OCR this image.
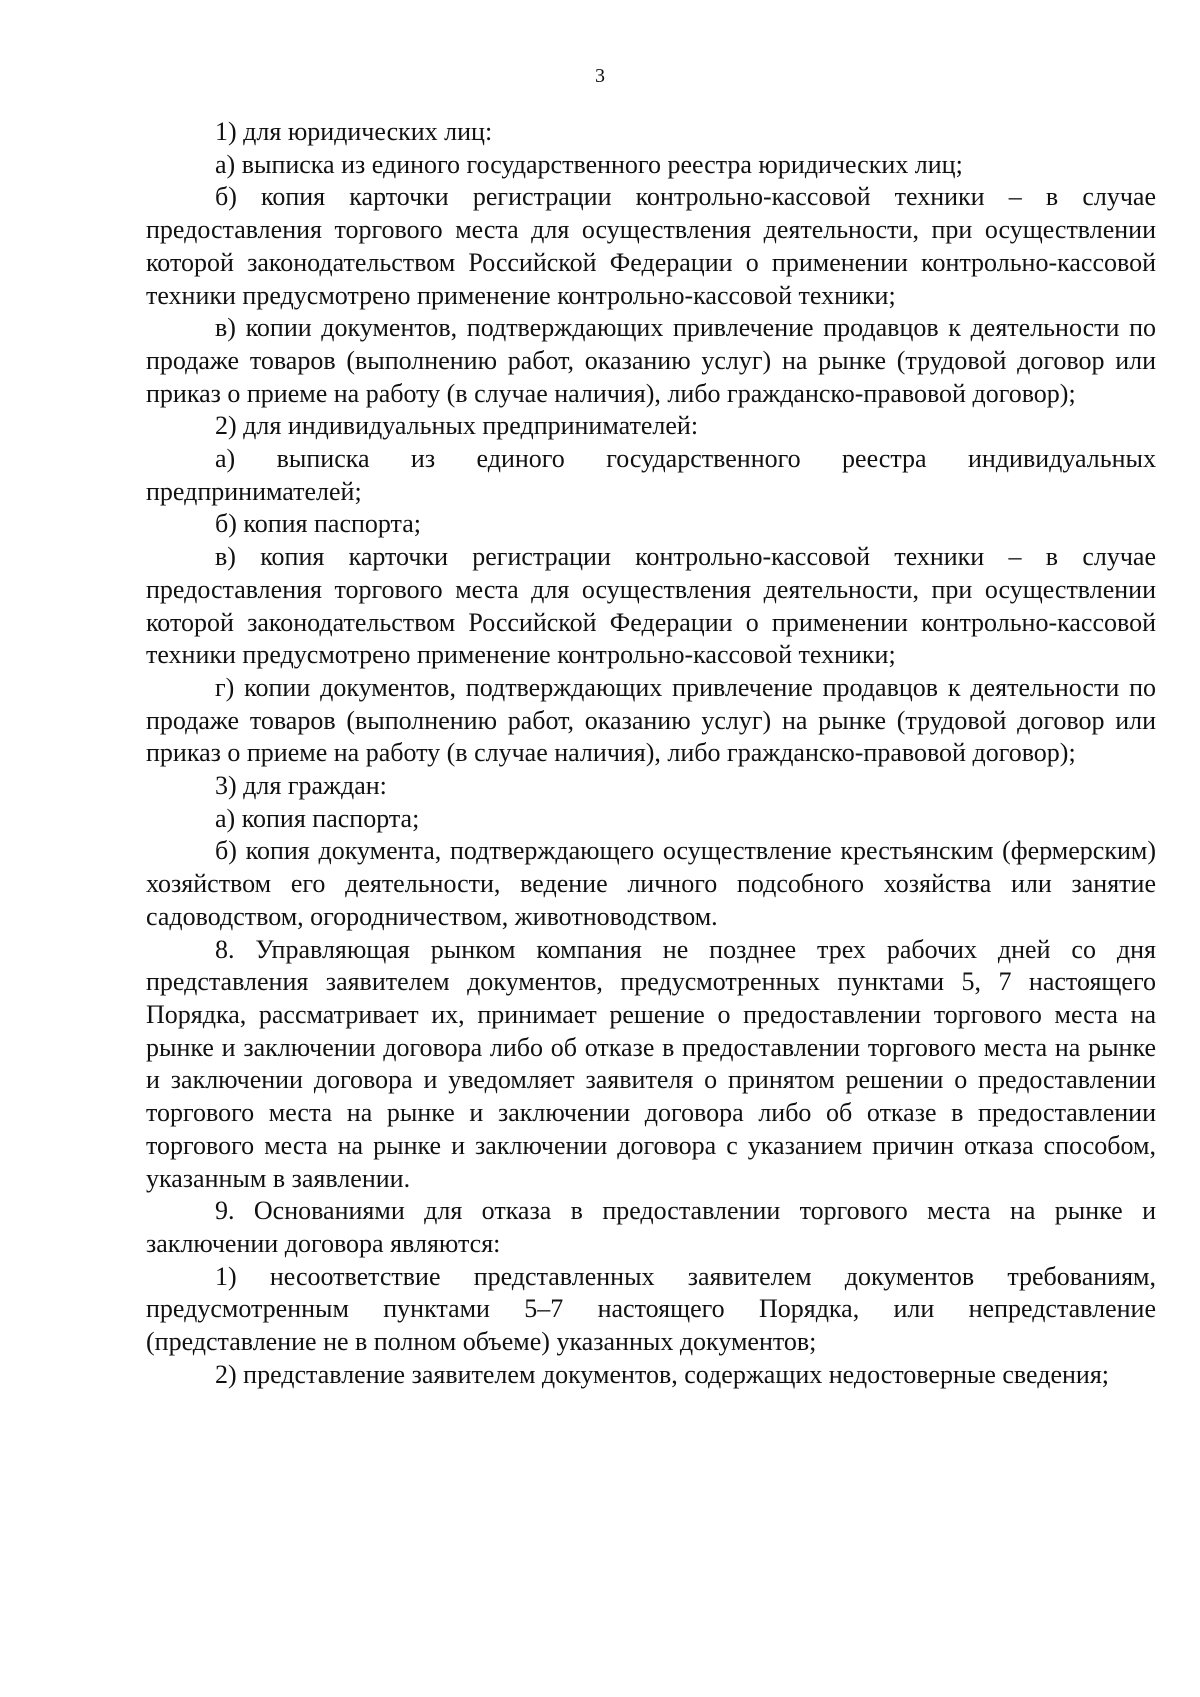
3

1) для юридических лиц:

а) выписка из единого государственного реестра юридических лиц;

б) копия карточки регистрации контрольно-кассовой техники – в случае предоставления торгового места для осуществления деятельности, при осуществлении которой законодательством Российской Федерации о применении контрольно-кассовой техники предусмотрено применение контрольно-кассовой техники;

в) копии документов, подтверждающих привлечение продавцов к деятельности по продаже товаров (выполнению работ, оказанию услуг) на рынке (трудовой договор или приказ о приеме на работу (в случае наличия), либо гражданско-правовой договор);

2) для индивидуальных предпринимателей:

а) выписка из единого государственного реестра индивидуальных предпринимателей;

б) копия паспорта;

в) копия карточки регистрации контрольно-кассовой техники – в случае предоставления торгового места для осуществления деятельности, при осуществлении которой законодательством Российской Федерации о применении контрольно-кассовой техники предусмотрено применение контрольно-кассовой техники;

г) копии документов, подтверждающих привлечение продавцов к деятельности по продаже товаров (выполнению работ, оказанию услуг) на рынке (трудовой договор или приказ о приеме на работу (в случае наличия), либо гражданско-правовой договор);

3) для граждан:

а) копия паспорта;

б) копия документа, подтверждающего осуществление крестьянским (фермерским) хозяйством его деятельности, ведение личного подсобного хозяйства или занятие садоводством, огородничеством, животноводством.

8. Управляющая рынком компания не позднее трех рабочих дней со дня представления заявителем документов, предусмотренных пунктами 5, 7 настоящего Порядка, рассматривает их, принимает решение о предоставлении торгового места на рынке и заключении договора либо об отказе в предоставлении торгового места на рынке и заключении договора и уведомляет заявителя о принятом решении о предоставлении торгового места на рынке и заключении договора либо об отказе в предоставлении торгового места на рынке и заключении договора с указанием причин отказа способом, указанным в заявлении.

9. Основаниями для отказа в предоставлении торгового места на рынке и заключении договора являются:

1) несоответствие представленных заявителем документов требованиям, предусмотренным пунктами 5–7 настоящего Порядка, или непредставление (представление не в полном объеме) указанных документов;

2) представление заявителем документов, содержащих недостоверные сведения;
